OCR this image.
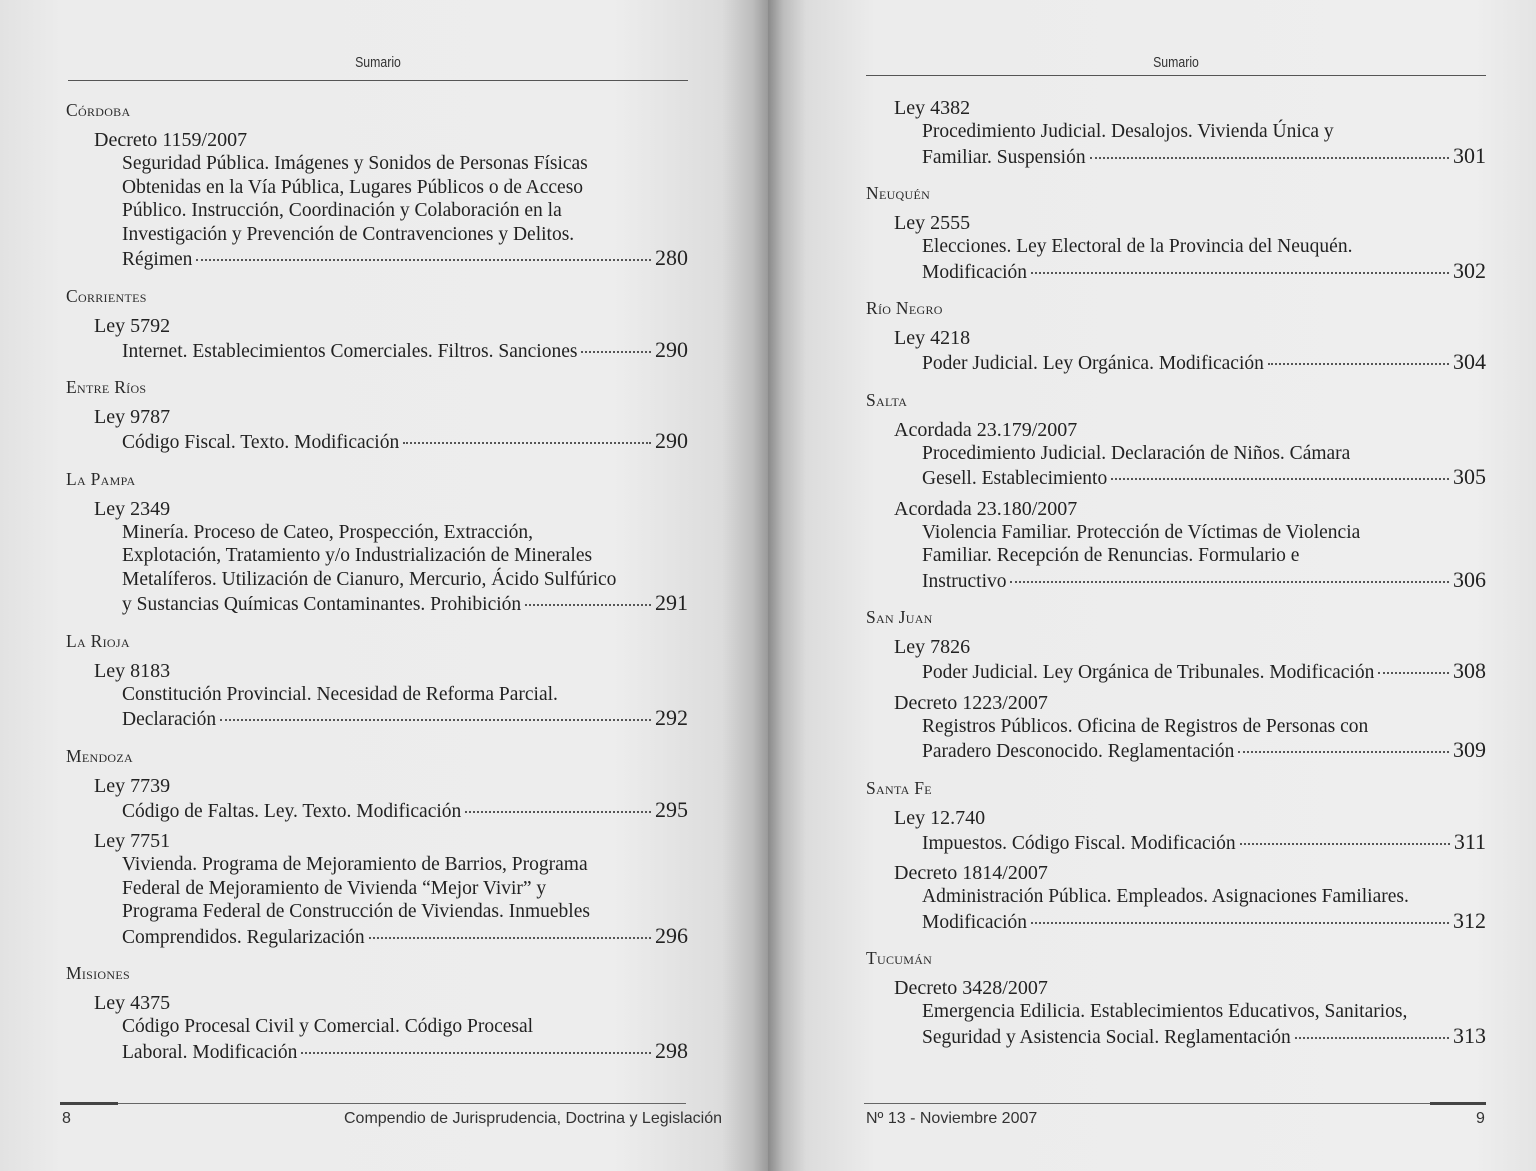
Sumario
Córdoba
Decreto 1159/2007
Seguridad Pública. Imágenes y Sonidos de Personas Físicas
Obtenidas en la Vía Pública, Lugares Públicos o de Acceso
Público. Instrucción, Coordinación y Colaboración en la
Investigación y Prevención de Contravenciones y Delitos.
Régimen	280
Corrientes
Ley 5792
Internet. Establecimientos Comerciales. Filtros. Sanciones	290
Entre Ríos
Ley 9787
Código Fiscal. Texto. Modificación	290
La Pampa
Ley 2349
Minería. Proceso de Cateo, Prospección, Extracción,
Explotación, Tratamiento y/o Industrialización de Minerales
Metalíferos. Utilización de Cianuro, Mercurio, Ácido Sulfúrico
y Sustancias Químicas Contaminantes. Prohibición	291
La Rioja
Ley 8183
Constitución Provincial. Necesidad de Reforma Parcial.
Declaración	292
Mendoza
Ley 7739
Código de Faltas. Ley. Texto. Modificación	295
Ley 7751
Vivienda. Programa de Mejoramiento de Barrios, Programa
Federal de Mejoramiento de Vivienda “Mejor Vivir” y
Programa Federal de Construcción de Viviendas. Inmuebles
Comprendidos. Regularización	296
Misiones
Ley 4375
Código Procesal Civil y Comercial. Código Procesal
Laboral. Modificación	298
8	Compendio de Jurisprudencia, Doctrina y Legislación
Sumario
Ley 4382
Procedimiento Judicial. Desalojos. Vivienda Única y
Familiar. Suspensión	301
Neuquén
Ley 2555
Elecciones. Ley Electoral de la Provincia del Neuquén.
Modificación	302
Río Negro
Ley 4218
Poder Judicial. Ley Orgánica. Modificación	304
Salta
Acordada 23.179/2007
Procedimiento Judicial. Declaración de Niños. Cámara
Gesell. Establecimiento	305
Acordada 23.180/2007
Violencia Familiar. Protección de Víctimas de Violencia
Familiar. Recepción de Renuncias. Formulario e
Instructivo	306
San Juan
Ley 7826
Poder Judicial. Ley Orgánica de Tribunales. Modificación	308
Decreto 1223/2007
Registros Públicos. Oficina de Registros de Personas con
Paradero Desconocido. Reglamentación	309
Santa Fe
Ley 12.740
Impuestos. Código Fiscal. Modificación	311
Decreto 1814/2007
Administración Pública. Empleados. Asignaciones Familiares.
Modificación	312
Tucumán
Decreto 3428/2007
Emergencia Edilicia. Establecimientos Educativos, Sanitarios,
Seguridad y Asistencia Social. Reglamentación	313
Nº 13 - Noviembre 2007	9
